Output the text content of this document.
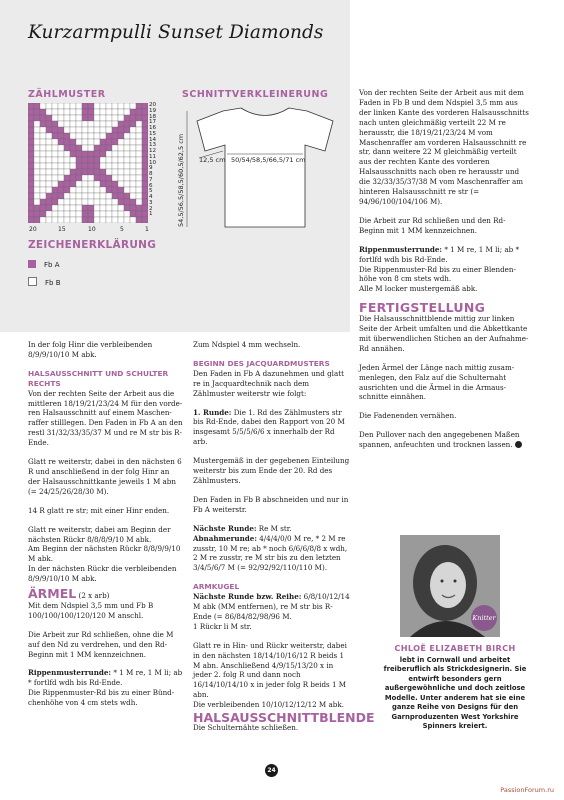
Kurzarmpulli Sunset Diamonds
ZÄHLMUSTER
20
19
18
17
16
15
14
13
12
11
10
9
8
7
6
5
4
3
2
1
20	15	10	5	1
ZEICHENERKLÄRUNG
Fb A
Fb B
SCHNITTVERKLEINERUNG
12,5 cm 50/54/58,5/66,5/71 cm
54,5/56,5/58,5/60,5/62,5 cm

Von der rechten Seite der Arbeit aus mit dem Faden in Fb B und dem Ndspiel 3,5 mm aus der linken Kante des vorderen Halsausschnitts nach unten gleichmäßig verteilt 22 M re herausstr, die 18/19/21/23/24 M vom Maschenraffer am vorderen Halsausschnitt re str, dann weitere 22 M gleichmäßig verteilt aus der rechten Kante des vorderen Halsausschnitts nach oben re herausstr und die 32/33/35/37/38 M vom Maschenraffer am hinteren Halsausschnitt re str (= 94/96/100/104/106 M).

Die Arbeit zur Rd schließen und den Rd-Beginn mit 1 MM kennzeichnen.

Rippenmusterrunde: * 1 M re, 1 M li; ab * fortlfd wdh bis Rd-Ende.

Die Rippenmuster-Rd bis zu einer Blendenhöhe von 8 cm stets wdh.

Alle M locker mustergemäß abk.

FERTIGSTELLUNG

Die Halsausschnittblende mittig zur linken Seite der Arbeit umfalten und die Abkettkante mit überwendlichen Stichen an der Aufnahme-Rd annähen.

Jeden Ärmel der Länge nach mittig zusammenlegen, den Falz auf die Schulternaht ausrichten und die Ärmel in die Armausschnitte einnähen.

Die Fadenenden vernähen.

Den Pullover nach den angegebenen Maßen spannen, anfeuchten und trocknen lassen.

In der folg Hinr die verbleibenden 8/9/9/10/10 M abk.

HALSAUSSCHNITT UND SCHULTER RECHTS

Von der rechten Seite der Arbeit aus die mittleren 18/19/21/23/24 M für den vorderen Halsausschnitt auf einem Maschenraffer stilllegen. Den Faden in Fb A an den restl 31/32/33/35/37 M und re M str bis R-Ende.

Glatt re weiterstr, dabei in den nächsten 6 R und anschließend in der folg Hinr an der Halsausschnittkante jeweils 1 M abn (= 24/25/26/28/30 M).

14 R glatt re str; mit einer Hinr enden.

Glatt re weiterstr, dabei am Beginn der nächsten Rückr 8/8/8/9/10 M abk.

Am Beginn der nächsten Rückr 8/8/9/9/10 M abk.

In der nächsten Rückr die verbleibenden 8/9/9/10/10 M abk.

ÄRMEL (2 x arb)

Mit dem Ndspiel 3,5 mm und Fb B 100/100/100/120/120 M anschl.

Die Arbeit zur Rd schließen, ohne die M auf den Nd zu verdrehen, und den Rd-Beginn mit 1 MM kennzeichnen.

Rippenmusterrunde: * 1 M re, 1 M li; ab * fortlfd wdh bis Rd-Ende.

Die Rippenmuster-Rd bis zu einer Bündchenhöhe von 4 cm stets wdh.

Zum Ndspiel 4 mm wechseln.

BEGINN DES JACQUARDMUSTERS

Den Faden in Fb A dazunehmen und glatt re in Jacquardtechnik nach dem Zählmuster weiterstr wie folgt:

1. Runde: Die 1. Rd des Zählmusters str bis Rd-Ende, dabei den Rapport von 20 M insgesamt 5/5/5/6/6 x innerhalb der Rd arb.

Mustergemäß in der gegebenen Einteilung weiterstr bis zum Ende der 20. Rd des Zählmusters.

Den Faden in Fb B abschneiden und nur in Fb A weiterstr.

Nächste Runde: Re M str.

Abnahmerunde: 4/4/4/0/0 M re, * 2 M re zusstr, 10 M re; ab * noch 6/6/6/8/8 x wdh, 2 M re zusstr, re M str bis zu den letzten 3/4/5/6/7 M (= 92/92/92/110/110 M).

ARMKUGEL

Nächste Runde bzw. Reihe: 6/8/10/12/14 M abk (MM entfernen), re M str bis R-Ende (= 86/84/82/98/96 M.

1 Rückr li M str.

Glatt re in Hin- und Rückr weiterstr, dabei in den nächsten 18/14/10/16/12 R beids 1 M abn. Anschließend 4/9/15/13/20 x in jeder 2. folg R und dann noch 16/14/10/14/10 x in jeder folg R beids 1 M abn.

Die verbleibenden 10/10/12/12/12 M abk.

HALSAUSSCHNITTBLENDE

Die Schulternähte schließen.

Knitter
CHLOË ELIZABETH BIRCH
lebt in Cornwall und arbeitet freiberuflich als Strickdesignerin. Sie entwirft besonders gern außergewöhnliche und doch zeitlose Modelle. Unter anderem hat sie eine ganze Reihe von Designs für den Garnproduzenten West Yorkshire Spinners kreiert.
24
PassionForum.ru
